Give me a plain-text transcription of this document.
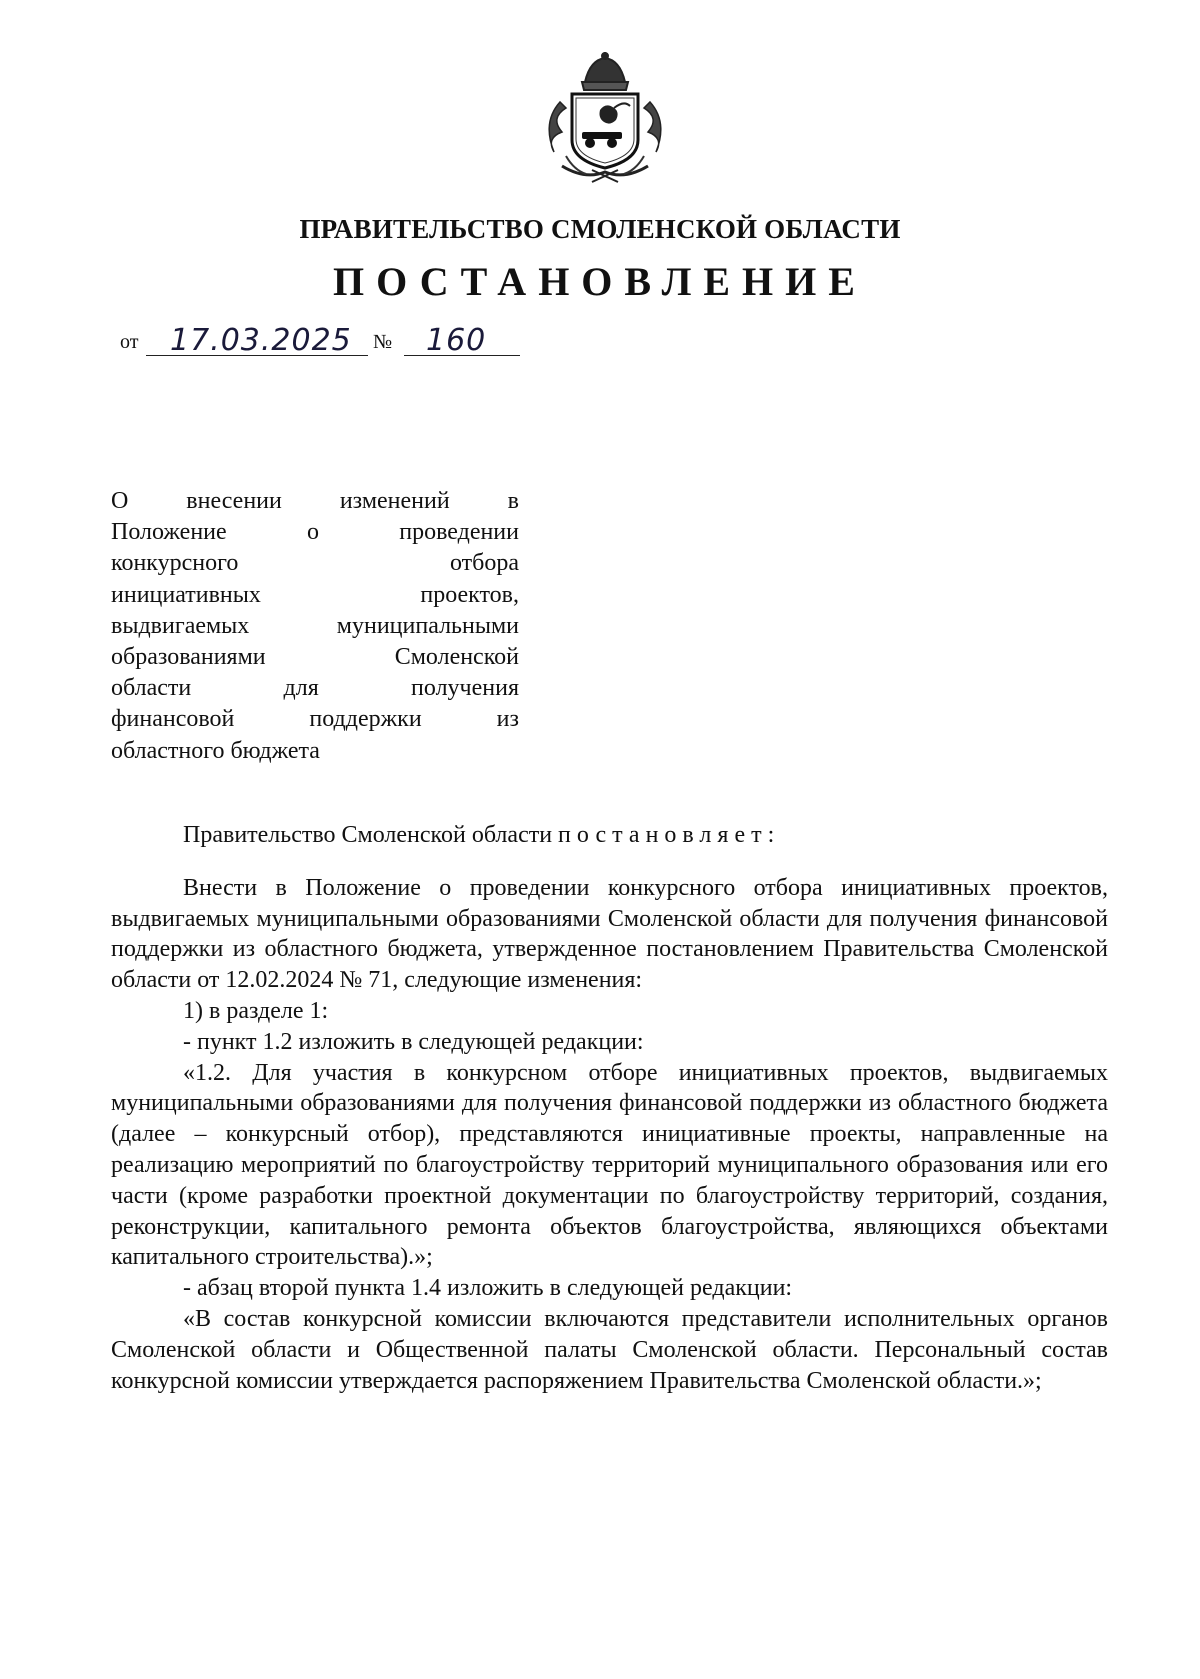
ПРАВИТЕЛЬСТВО СМОЛЕНСКОЙ ОБЛАСТИ
ПОСТАНОВЛЕНИЕ
от 17.03.2025 № 160
О внесении изменений в
Положение о проведении
конкурсного отбора
инициативных проектов,
выдвигаемых муниципальными
образованиями Смоленской
области для получения
финансовой поддержки из
областного бюджета

Правительство Смоленской области постановляет:

Внести в Положение о проведении конкурсного отбора инициативных проектов, выдвигаемых муниципальными образованиями Смоленской области для получения финансовой поддержки из областного бюджета, утвержденное постановлением Правительства Смоленской области от 12.02.2024 № 71, следующие изменения:

1) в разделе 1:

- пункт 1.2 изложить в следующей редакции:

«1.2. Для участия в конкурсном отборе инициативных проектов, выдвигаемых муниципальными образованиями для получения финансовой поддержки из областного бюджета (далее – конкурсный отбор), представляются инициативные проекты, направленные на реализацию мероприятий по благоустройству территорий муниципального образования или его части (кроме разработки проектной документации по благоустройству территорий, создания, реконструкции, капитального ремонта объектов благоустройства, являющихся объектами капитального строительства).»;

- абзац второй пункта 1.4 изложить в следующей редакции:

«В состав конкурсной комиссии включаются представители исполнительных органов Смоленской области и Общественной палаты Смоленской области. Персональный состав конкурсной комиссии утверждается распоряжением Правительства Смоленской области.»;
